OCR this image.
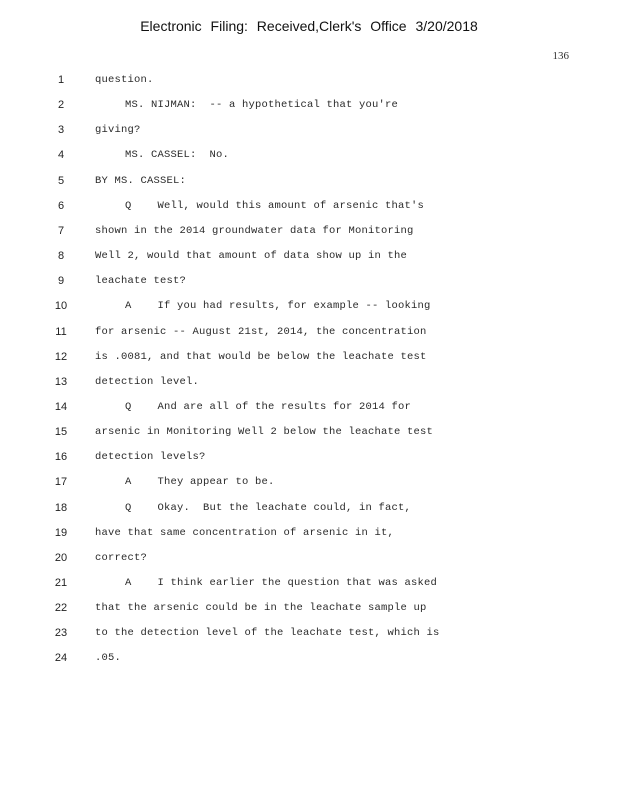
Electronic Filing: Received,Clerk's Office 3/20/2018
136
1	question.
2	MS. NIJMAN:  -- a hypothetical that you're
3	giving?
4	MS. CASSEL:  No.
5	BY MS. CASSEL:
6	Q    Well, would this amount of arsenic that's
7	shown in the 2014 groundwater data for Monitoring
8	Well 2, would that amount of data show up in the
9	leachate test?
10	A    If you had results, for example -- looking
11	for arsenic -- August 21st, 2014, the concentration
12	is .0081, and that would be below the leachate test
13	detection level.
14	Q    And are all of the results for 2014 for
15	arsenic in Monitoring Well 2 below the leachate test
16	detection levels?
17	A    They appear to be.
18	Q    Okay.  But the leachate could, in fact,
19	have that same concentration of arsenic in it,
20	correct?
21	A    I think earlier the question that was asked
22	that the arsenic could be in the leachate sample up
23	to the detection level of the leachate test, which is
24	.05.
